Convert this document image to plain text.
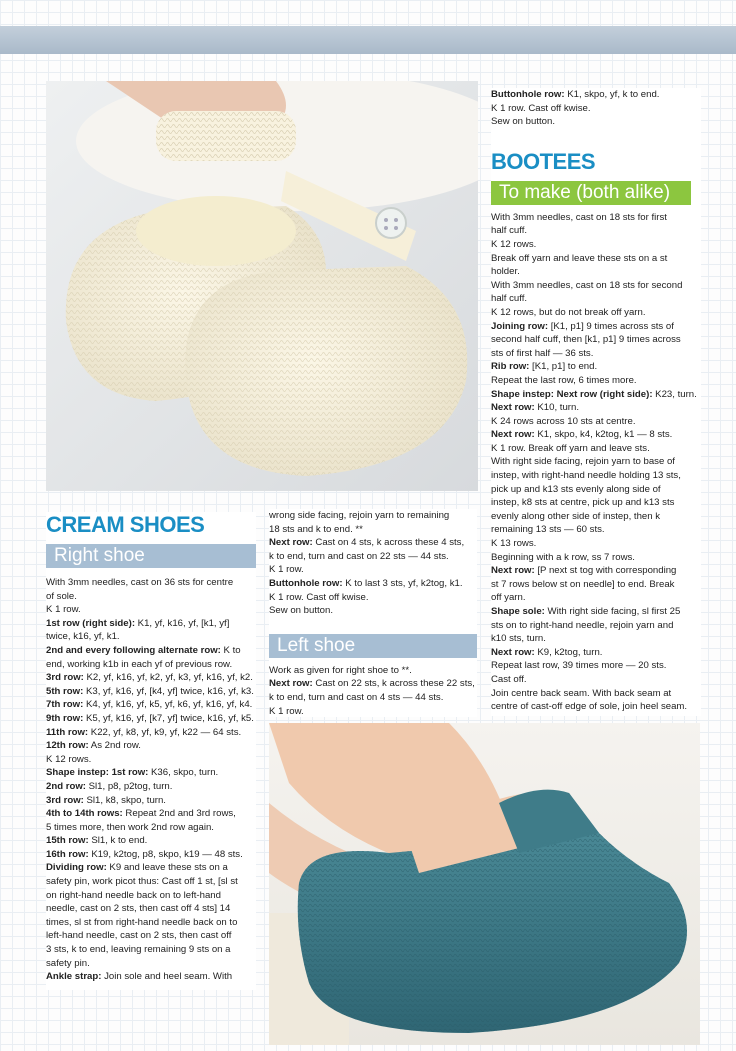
CREAM SHOES
Right shoe

With 3mm needles, cast on 36 sts for centre

of sole.

K 1 row.

1st row (right side): K1, yf, k16, yf, [k1, yf]

twice, k16, yf, k1.

2nd and every following alternate row: K to

end, working k1b in each yf of previous row.

3rd row: K2, yf, k16, yf, k2, yf, k3, yf, k16, yf, k2.

5th row: K3, yf, k16, yf, [k4, yf] twice, k16, yf, k3.

7th row: K4, yf, k16, yf, k5, yf, k6, yf, k16, yf, k4.

9th row: K5, yf, k16, yf, [k7, yf] twice, k16, yf, k5.

11th row: K22, yf, k8, yf, k9, yf, k22 — 64 sts.

12th row: As 2nd row.

K 12 rows.

Shape instep: 1st row: K36, skpo, turn.

2nd row: Sl1, p8, p2tog, turn.

3rd row: Sl1, k8, skpo, turn.

4th to 14th rows: Repeat 2nd and 3rd rows,

5 times more, then work 2nd row again.

15th row: Sl1, k to end.

16th row: K19, k2tog, p8, skpo, k19 — 48 sts.

Dividing row: K9 and leave these sts on a

safety pin, work picot thus: Cast off 1 st, [sl st

on right-hand needle back on to left-hand

needle, cast on 2 sts, then cast off 4 sts] 14

times, sl st from right-hand needle back on to

left-hand needle, cast on 2 sts, then cast off

3 sts, k to end, leaving remaining 9 sts on a

safety pin.

Ankle strap: Join sole and heel seam. With

wrong side facing, rejoin yarn to remaining

18 sts and k to end. **

Next row: Cast on 4 sts, k across these 4 sts,

k to end, turn and cast on 22 sts — 44 sts.

K 1 row.

Buttonhole row: K to last 3 sts, yf, k2tog, k1.

K 1 row. Cast off kwise.

Sew on button.

Left shoe

Work as given for right shoe to **.

Next row: Cast on 22 sts, k across these 22 sts,

k to end, turn and cast on 4 sts — 44 sts.

K 1 row.

Buttonhole row: K1, skpo, yf, k to end.

K 1 row. Cast off kwise.

Sew on button.

BOOTEES
To make (both alike)

With 3mm needles, cast on 18 sts for first

half cuff.

K 12 rows.

Break off yarn and leave these sts on a st

holder.

With 3mm needles, cast on 18 sts for second

half cuff.

K 12 rows, but do not break off yarn.

Joining row: [K1, p1] 9 times across sts of

second half cuff, then [k1, p1] 9 times across

sts of first half — 36 sts.

Rib row: [K1, p1] to end.

Repeat the last row, 6 times more.

Shape instep: Next row (right side): K23, turn.

Next row: K10, turn.

K 24 rows across 10 sts at centre.

Next row: K1, skpo, k4, k2tog, k1 — 8 sts.

K 1 row. Break off yarn and leave sts.

With right side facing, rejoin yarn to base of

instep, with right-hand needle holding 13 sts,

pick up and k13 sts evenly along side of

instep, k8 sts at centre, pick up and k13 sts

evenly along other side of instep, then k

remaining 13 sts — 60 sts.

K 13 rows.

Beginning with a k row, ss 7 rows.

Next row: [P next st tog with corresponding

st 7 rows below st on needle] to end. Break

off yarn.

Shape sole: With right side facing, sl first 25

sts on to right-hand needle, rejoin yarn and

k10 sts, turn.

Next row: K9, k2tog, turn.

Repeat last row, 39 times more — 20 sts.

Cast off.

Join centre back seam. With back seam at

centre of cast-off edge of sole, join heel seam.
